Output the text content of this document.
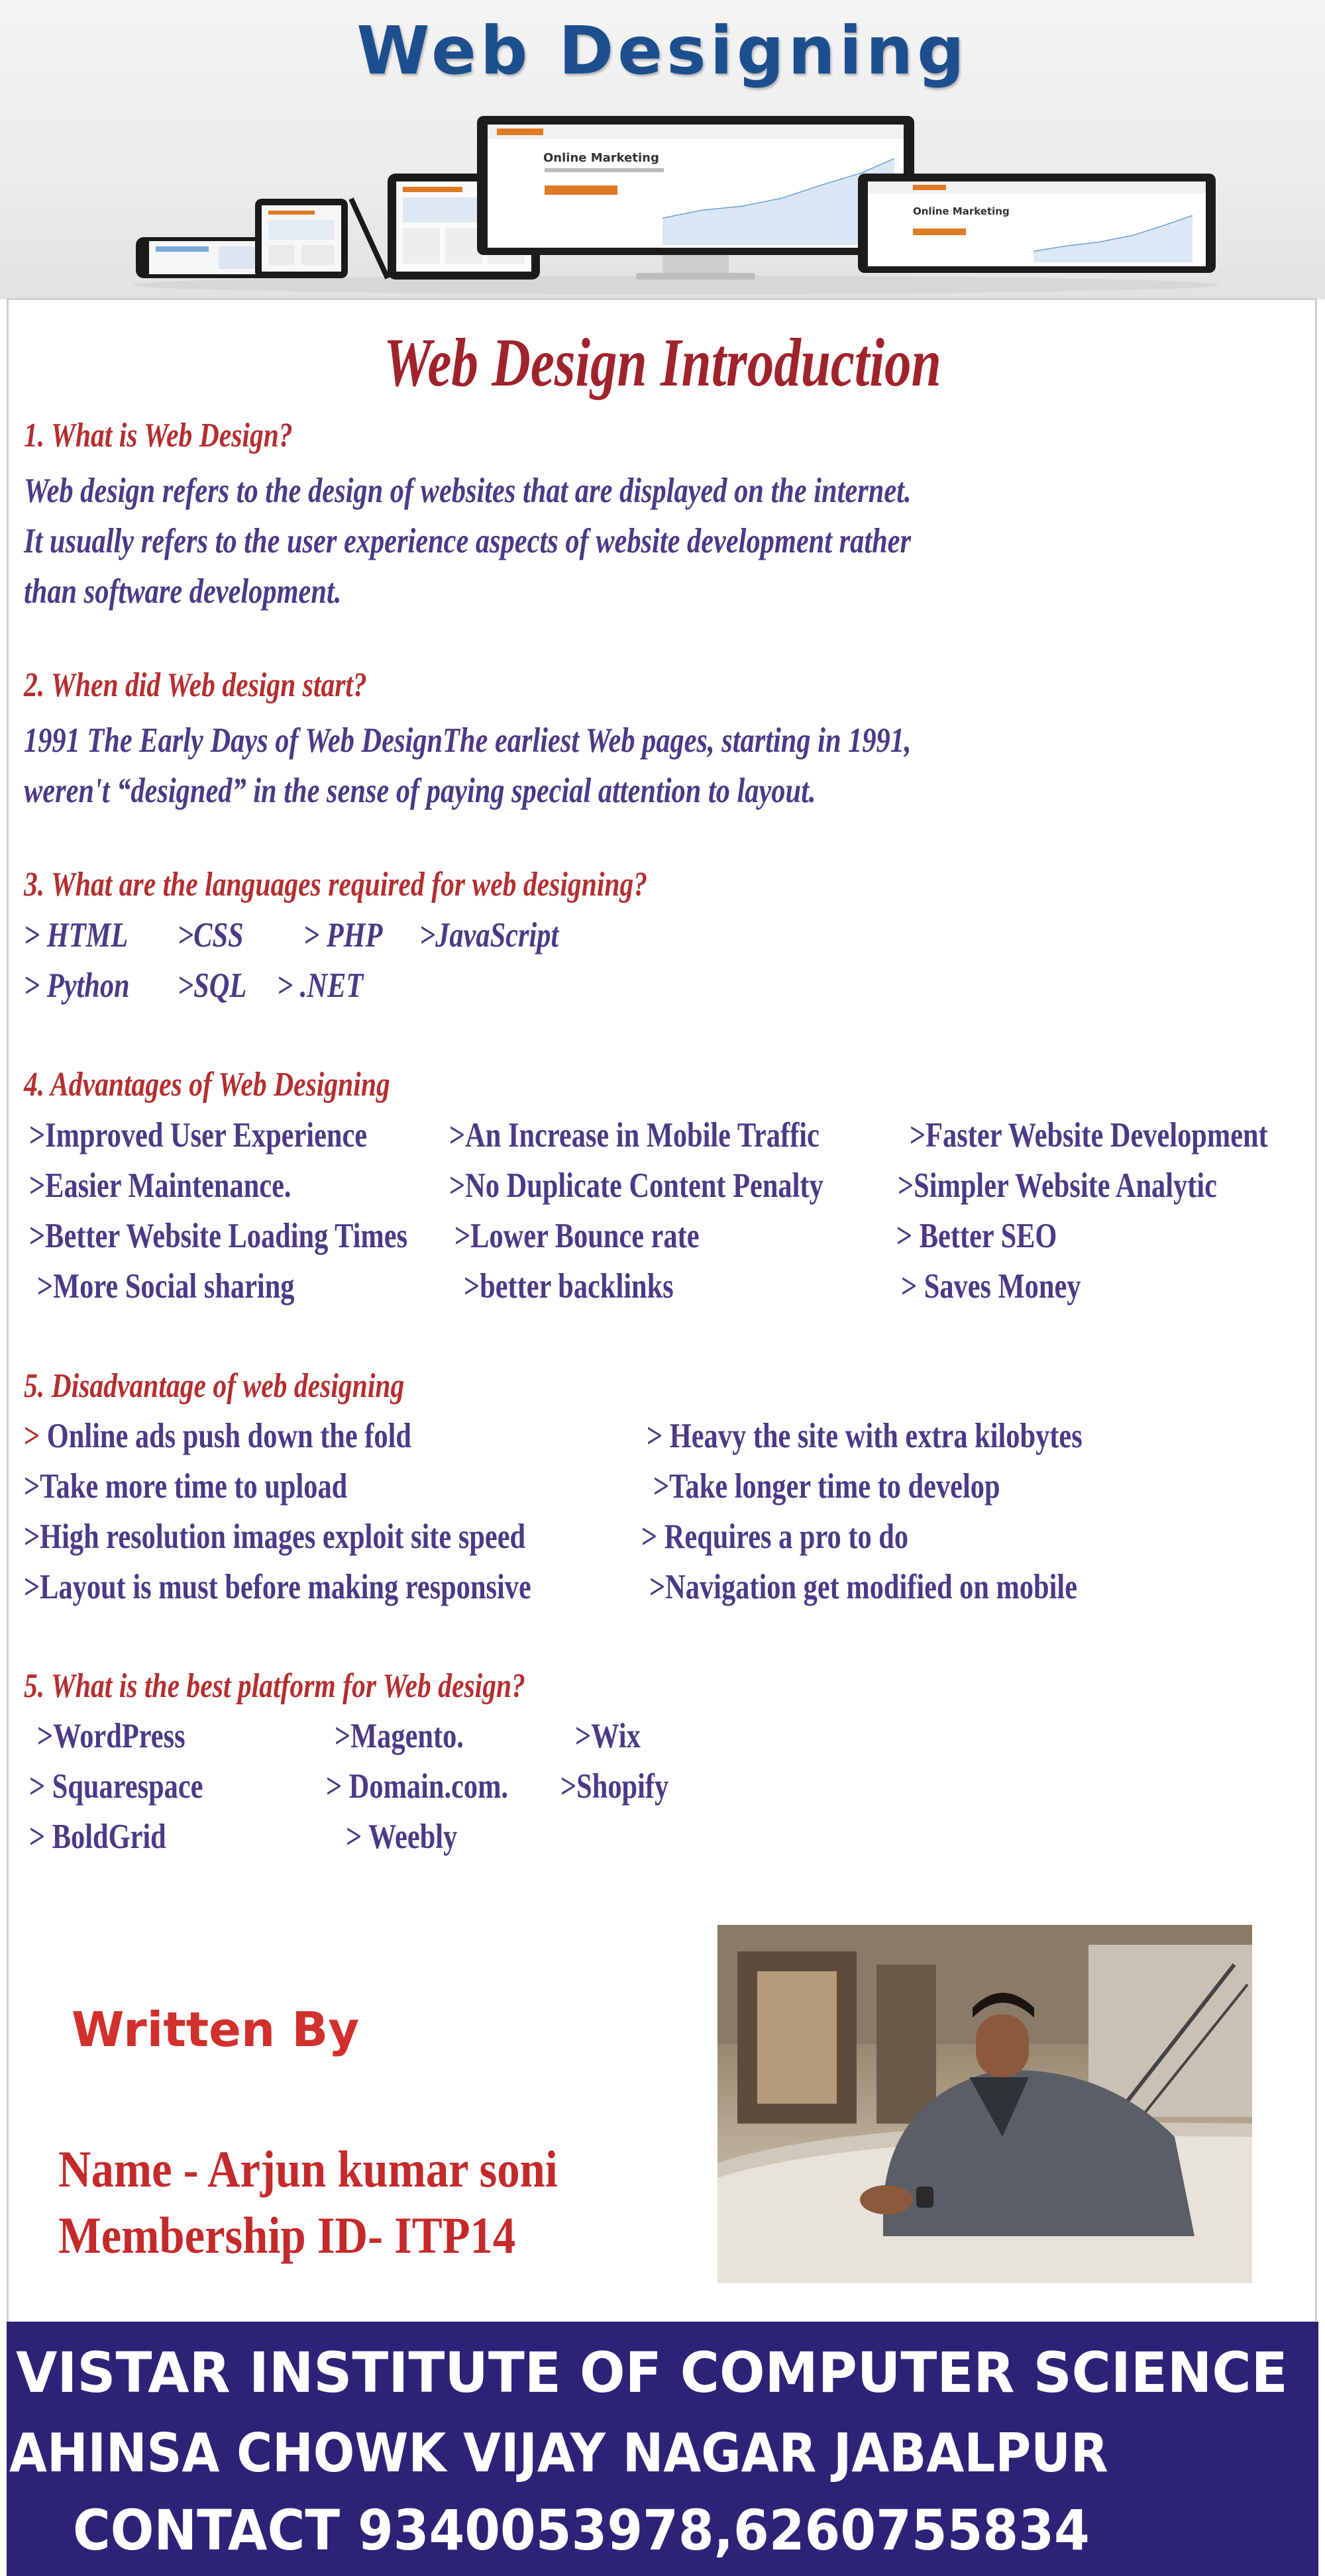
Online Marketing
Online Marketing
Web Designing
Web Design Introduction
1. What is Web Design?
Web design refers to the design of websites that are displayed on the internet.
It usually refers to the user experience aspects of website development rather
than software development.
2. When did Web design start?
1991 The Early Days of Web DesignThe earliest Web pages, starting in 1991,
weren't “designed” in the sense of paying special attention to layout.
3. What are the languages required for web designing?
> HTML >CSS > PHP >JavaScript
> Python >SQL > .NET
4. Advantages of Web Designing
>Improved User Experience >An Increase in Mobile Traffic	>Faster Website Development
>Easier Maintenance.	>No Duplicate Content Penalty >Simpler Website Analytic
>Better Website Loading Times >Lower Bounce rate	> Better SEO
>More Social sharing	>better backlinks	> Saves Money
5. Disadvantage of web designing
> Online ads push down the fold	> Heavy the site with extra kilobytes
>Take more time to upload	>Take longer time to develop
>High resolution images exploit site speed	> Requires a pro to do
>Layout is must before making responsive	>Navigation get modified on mobile
5. What is the best platform for Web design?
>WordPress	>Magento.	>Wix
> Squarespace	> Domain.com. >Shopify
> BoldGrid	> Weebly
Written By
Name - Arjun kumar soni
Membership ID- ITP14
VISTAR INSTITUTE OF COMPUTER SCIENCE
AHINSA CHOWK VIJAY NAGAR JABALPUR
CONTACT 9340053978,6260755834
